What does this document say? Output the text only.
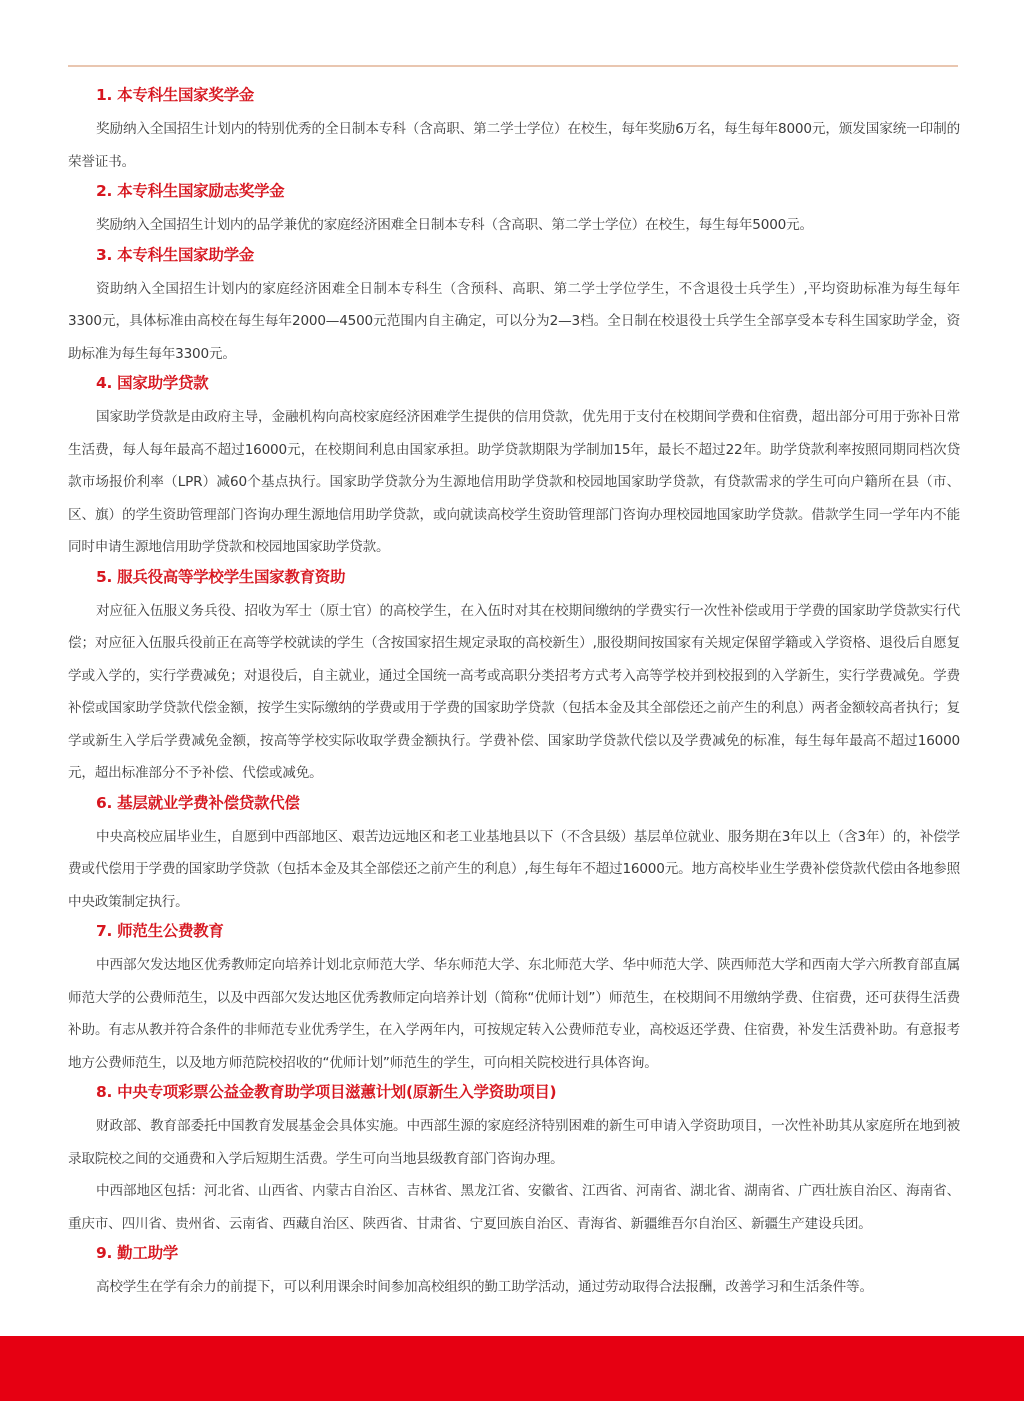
1. 本专科生国家奖学金

奖励纳入全国招生计划内的特别优秀的全日制本专科（含高职、第二学士学位）在校生，每年奖励6万名，每生每年8000元，颁发国家统一印制的荣誉证书。

2. 本专科生国家励志奖学金

奖励纳入全国招生计划内的品学兼优的家庭经济困难全日制本专科（含高职、第二学士学位）在校生，每生每年5000元。

3. 本专科生国家助学金

资助纳入全国招生计划内的家庭经济困难全日制本专科生（含预科、高职、第二学士学位学生，不含退役士兵学生）,平均资助标准为每生每年3300元，具体标准由高校在每生每年2000—4500元范围内自主确定，可以分为2—3档。全日制在校退役士兵学生全部享受本专科生国家助学金，资助标准为每生每年3300元。

4. 国家助学贷款

国家助学贷款是由政府主导，金融机构向高校家庭经济困难学生提供的信用贷款，优先用于支付在校期间学费和住宿费，超出部分可用于弥补日常生活费，每人每年最高不超过16000元，在校期间利息由国家承担。助学贷款期限为学制加15年，最长不超过22年。助学贷款利率按照同期同档次贷款市场报价利率（LPR）减60个基点执行。国家助学贷款分为生源地信用助学贷款和校园地国家助学贷款，有贷款需求的学生可向户籍所在县（市、区、旗）的学生资助管理部门咨询办理生源地信用助学贷款，或向就读高校学生资助管理部门咨询办理校园地国家助学贷款。借款学生同一学年内不能同时申请生源地信用助学贷款和校园地国家助学贷款。

5. 服兵役高等学校学生国家教育资助

对应征入伍服义务兵役、招收为军士（原士官）的高校学生，在入伍时对其在校期间缴纳的学费实行一次性补偿或用于学费的国家助学贷款实行代偿；对应征入伍服兵役前正在高等学校就读的学生（含按国家招生规定录取的高校新生）,服役期间按国家有关规定保留学籍或入学资格、退役后自愿复学或入学的，实行学费减免；对退役后，自主就业，通过全国统一高考或高职分类招考方式考入高等学校并到校报到的入学新生，实行学费减免。学费补偿或国家助学贷款代偿金额，按学生实际缴纳的学费或用于学费的国家助学贷款（包括本金及其全部偿还之前产生的利息）两者金额较高者执行；复学或新生入学后学费减免金额，按高等学校实际收取学费金额执行。学费补偿、国家助学贷款代偿以及学费减免的标准，每生每年最高不超过16000元，超出标准部分不予补偿、代偿或减免。

6. 基层就业学费补偿贷款代偿

中央高校应届毕业生，自愿到中西部地区、艰苦边远地区和老工业基地县以下（不含县级）基层单位就业、服务期在3年以上（含3年）的，补偿学费或代偿用于学费的国家助学贷款（包括本金及其全部偿还之前产生的利息）,每生每年不超过16000元。地方高校毕业生学费补偿贷款代偿由各地参照中央政策制定执行。

7. 师范生公费教育

中西部欠发达地区优秀教师定向培养计划北京师范大学、华东师范大学、东北师范大学、华中师范大学、陕西师范大学和西南大学六所教育部直属师范大学的公费师范生，以及中西部欠发达地区优秀教师定向培养计划（简称“优师计划”）师范生，在校期间不用缴纳学费、住宿费，还可获得生活费补助。有志从教并符合条件的非师范专业优秀学生，在入学两年内，可按规定转入公费师范专业，高校返还学费、住宿费，补发生活费补助。有意报考地方公费师范生，以及地方师范院校招收的“优师计划”师范生的学生，可向相关院校进行具体咨询。

8. 中央专项彩票公益金教育助学项目滋蕙计划(原新生入学资助项目)

财政部、教育部委托中国教育发展基金会具体实施。中西部生源的家庭经济特别困难的新生可申请入学资助项目，一次性补助其从家庭所在地到被录取院校之间的交通费和入学后短期生活费。学生可向当地县级教育部门咨询办理。

中西部地区包括：河北省、山西省、内蒙古自治区、吉林省、黑龙江省、安徽省、江西省、河南省、湖北省、湖南省、广西壮族自治区、海南省、重庆市、四川省、贵州省、云南省、西藏自治区、陕西省、甘肃省、宁夏回族自治区、青海省、新疆维吾尔自治区、新疆生产建设兵团。

9. 勤工助学

高校学生在学有余力的前提下，可以利用课余时间参加高校组织的勤工助学活动，通过劳动取得合法报酬，改善学习和生活条件等。
